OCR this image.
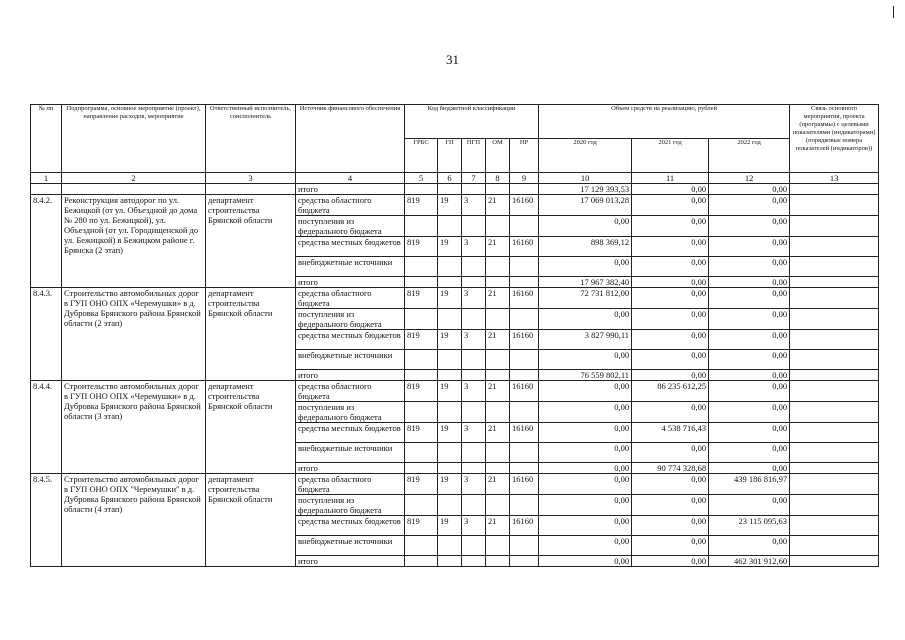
31
№ пп	Подпрограмма, основное мероприятие (проект), направление расходов, мероприятие	Ответственный исполнитель, соисполнитель	Источник финансового обеспечения	Код бюджетной классификации					Объем средств на реализацию, рублей			Связь основного мероприятия, проекта (программы) с целевыми показателями (индикаторами) (порядковые номера показателей (индикаторов))
				ГРБС	ГП	ПГП	ОМ	НР	2020 год	2021 год	2022 год	
1	2	3	4	5	6	7	8	9	10	11	12	13
			итого						17 129 393,53	0,00	0,00	
8.4.2.	Реконструкция автодорог по ул. Бежицкой (от ул. Объездной до дома № 280 по ул. Бежицкой), ул. Объездной (от ул. Городищенской до ул. Бежицкой) в Бежицком районе г. Брянска (2 этап)	департамент строительства Брянской области	средства областного бюджета	819	19	3	21	16160	17 069 013,28	0,00	0,00	
			поступления из федерального бюджета						0,00	0,00	0,00	
			средства местных бюджетов	819	19	3	21	16160	898 369,12	0,00	0,00	
			внебюджетные источники						0,00	0,00	0,00	
			итого						17 967 382,40	0,00	0,00	
8.4.3.	Строительство автомобильных дорог в ГУП ОНО ОПХ «Черемушки» в д. Дубровка Брянского района Брянской области (2 этап)	департамент строительства Брянской области	средства областного бюджета	819	19	3	21	16160	72 731 812,00	0,00	0,00	
			поступления из федерального бюджета						0,00	0,00	0,00	
			средства местных бюджетов	819	19	3	21	16160	3 827 990,11	0,00	0,00	
			внебюджетные источники						0,00	0,00	0,00	
			итого						76 559 802,11	0,00	0,00	
8.4.4.	Строительство автомобильных дорог в ГУП ОНО ОПХ «Черемушки» в д. Дубровка Брянского района Брянской области (3 этап)	департамент строительства Брянской области	средства областного бюджета	819	19	3	21	16160	0,00	86 235 612,25	0,00	
			поступления из федерального бюджета						0,00	0,00	0,00	
			средства местных бюджетов	819	19	3	21	16160	0,00	4 538 716,43	0,00	
			внебюджетные источники						0,00	0,00	0,00	
			итого						0,00	90 774 328,68	0,00	
8.4.5.	Строительство автомобильных дорог в ГУП ОНО ОПХ "Черемушки" в д. Дубровка Брянского района Брянской области (4 этап)	департамент строительства Брянской области	средства областного бюджета	819	19	3	21	16160	0,00	0,00	439 186 816,97	
			поступления из федерального бюджета						0,00	0,00	0,00	
			средства местных бюджетов	819	19	3	21	16160	0,00	0,00	23 115 095,63	
			внебюджетные источники						0,00	0,00	0,00	
			итого						0,00	0,00	462 301 912,60	
